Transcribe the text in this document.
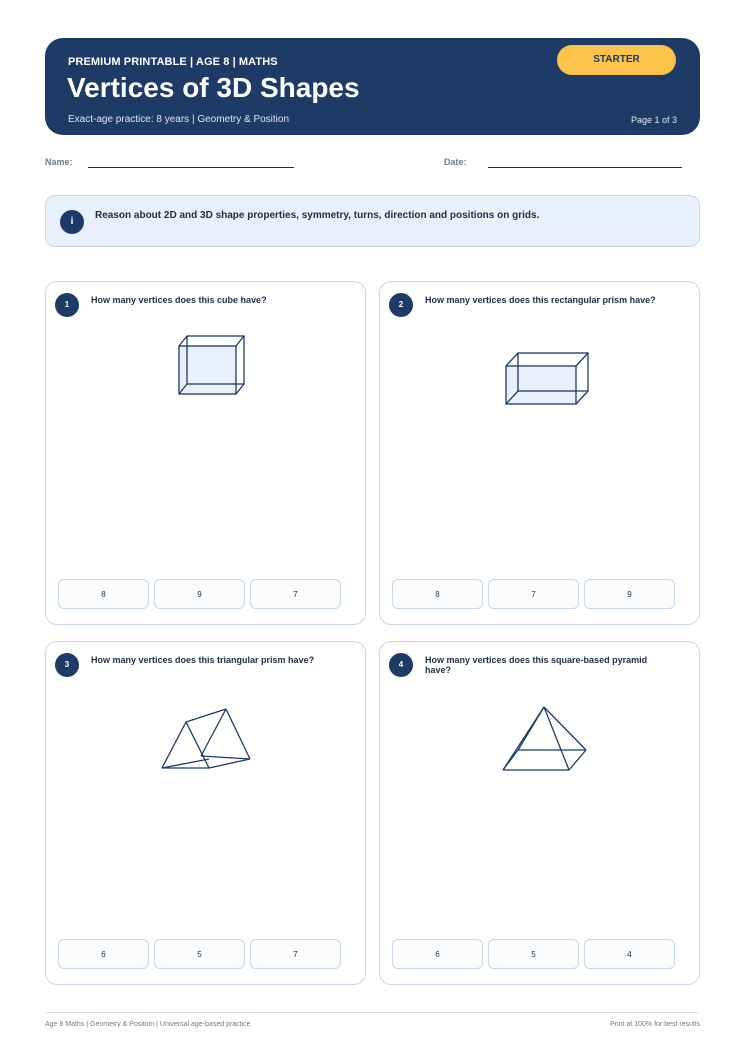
PREMIUM PRINTABLE | AGE 8 | MATHS
Vertices of 3D Shapes
Exact-age practice: 8 years | Geometry & Position	Page 1 of 3
STARTER
Name:	Date:
i
Reason about 2D and 3D shape properties, symmetry, turns, direction and positions on grids.
1	How many vertices does this cube have?
8	9	7
2	How many vertices does this rectangular prism have?
8	7	9
3	How many vertices does this triangular prism have?
6	5	7
4	How many vertices does this square-based pyramid have?
6	5	4
Age 8 Maths | Geometry & Position | Universal age-based practice	Print at 100% for best results
